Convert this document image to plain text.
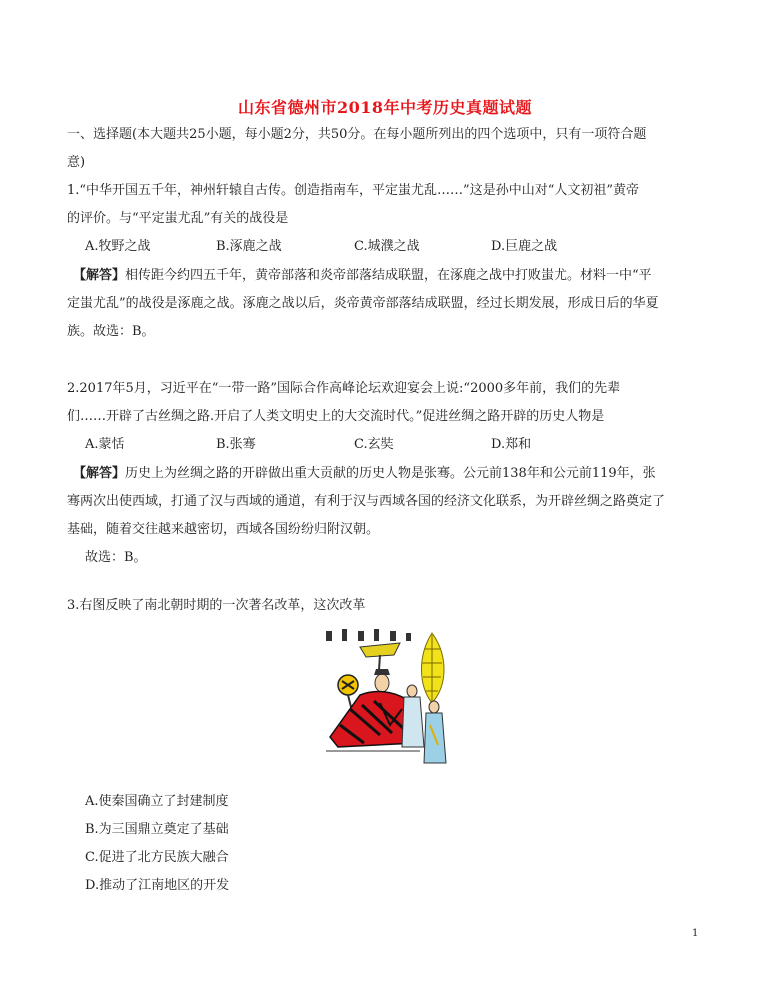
山东省德州市2018年中考历史真题试题
一、选择题(本大题共25小题，每小题2分，共50分。在每小题所列出的四个选项中，只有一项符合题
意)
1.“中华开国五千年，神州轩辕自古传。创造指南车，平定蚩尤乱……”这是孙中山对“人文初祖”黄帝
的评价。与“平定蚩尤乱”有关的战役是
A.牧野之战	B.涿鹿之战	C.城濮之战	D.巨鹿之战
【解答】相传距今约四五千年，黄帝部落和炎帝部落结成联盟，在涿鹿之战中打败蚩尤。材料一中“平
定蚩尤乱”的战役是涿鹿之战。涿鹿之战以后，炎帝黄帝部落结成联盟，经过长期发展，形成日后的华夏
族。故选：B。
2.2017年5月，习近平在“一带一路”国际合作高峰论坛欢迎宴会上说:“2000多年前，我们的先辈
们……开辟了古丝绸之路.开启了人类文明史上的大交流时代。”促进丝绸之路开辟的历史人物是
A.蒙恬	B.张骞	C.玄奘	D.郑和
【解答】历史上为丝绸之路的开辟做出重大贡献的历史人物是张骞。公元前138年和公元前119年，张
骞两次出使西域，打通了汉与西域的通道，有利于汉与西域各国的经济文化联系，为开辟丝绸之路奠定了
基础，随着交往越来越密切，西域各国纷纷归附汉朝。
故选：B。
3.右图反映了南北朝时期的一次著名改革，这次改革
A.使秦国确立了封建制度
B.为三国鼎立奠定了基础
C.促进了北方民族大融合
D.推动了江南地区的开发
1
